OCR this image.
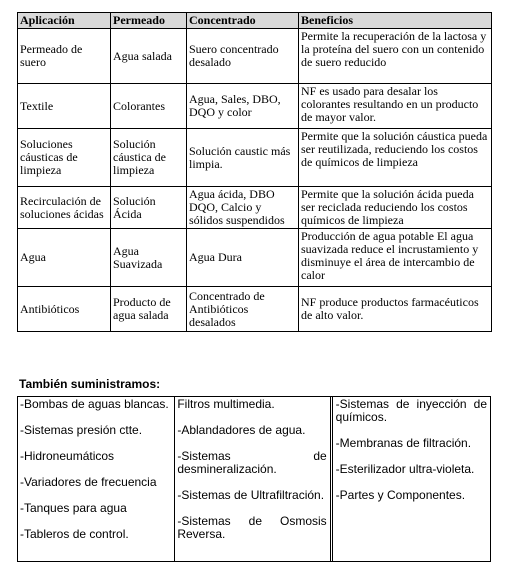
Aplicación	Permeado	Concentrado	Beneficios
Permeado de suero	Agua salada	Suero concentrado desalado	Permite la recuperación de la lactosa y la proteína del suero con un contenido de suero reducido
Textile	Colorantes	Agua, Sales, DBO, DQO y color	NF es usado para desalar los colorantes resultando en un producto de mayor valor.
Soluciones cáusticas de limpieza	Solución cáustica de limpieza	Solución caustic más limpia.	Permite que la solución cáustica pueda ser reutilizada, reduciendo los costos de químicos de limpieza
Recirculación de soluciones ácidas	Solución Ácida	Agua ácida, DBO DQO, Calcio y sólidos suspendidos	Permite que la solución ácida pueda ser reciclada reduciendo los costos químicos de limpieza
Agua	Agua Suavizada	Agua Dura	Producción de agua potable El agua suavizada reduce el incrustamiento y disminuye el área de intercambio de calor
Antibióticos	Producto de agua salada	Concentrado de Antibióticos desalados	NF produce productos farmacéuticos de alto valor.
También suministramos:

-Bombas de aguas blancas.

-Sistemas presión ctte.

-Hidroneumáticos

-Variadores de frecuencia

-Tanques para agua

-Tableros de control.

Filtros multimedia.

-Ablandadores de agua.

-Sistemas de desmineralización.

-Sistemas de Ultrafiltración.

-Sistemas de Osmosis Reversa.

-Sistemas de inyección de químicos.

-Membranas de filtración.

-Esterilizador ultra-violeta.

-Partes y Componentes.
